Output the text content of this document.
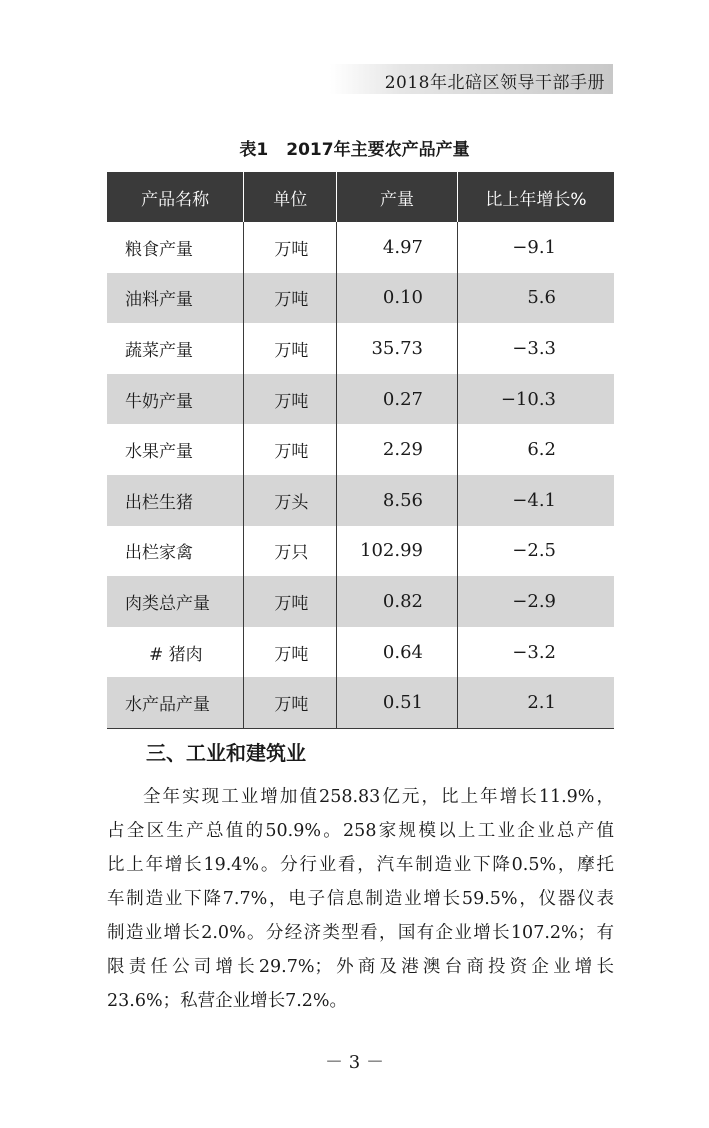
2018年北碚区领导干部手册
表1 2017年主要农产品产量
产品名称	单位	产量	比上年增长%
粮食产量	万吨	4.97	−9.1
油料产量	万吨	0.10	5.6
蔬菜产量	万吨	35.73	−3.3
牛奶产量	万吨	0.27	−10.3
水果产量	万吨	2.29	6.2
出栏生猪	万头	8.56	−4.1
出栏家禽	万只	102.99	−2.5
肉类总产量	万吨	0.82	−2.9
# 猪肉	万吨	0.64	−3.2
水产品产量	万吨	0.51	2.1
三、工业和建筑业
全年实现工业增加值258.83亿元，比上年增长11.9%，
占全区生产总值的50.9%。258家规模以上工业企业总产值
比上年增长19.4%。分行业看，汽车制造业下降0.5%，摩托
车制造业下降7.7%，电子信息制造业增长59.5%，仪器仪表
制造业增长2.0%。分经济类型看，国有企业增长107.2%；有
限责任公司增长29.7%；外商及港澳台商投资企业增长
23.6%；私营企业增长7.2%。
－ 3 －
